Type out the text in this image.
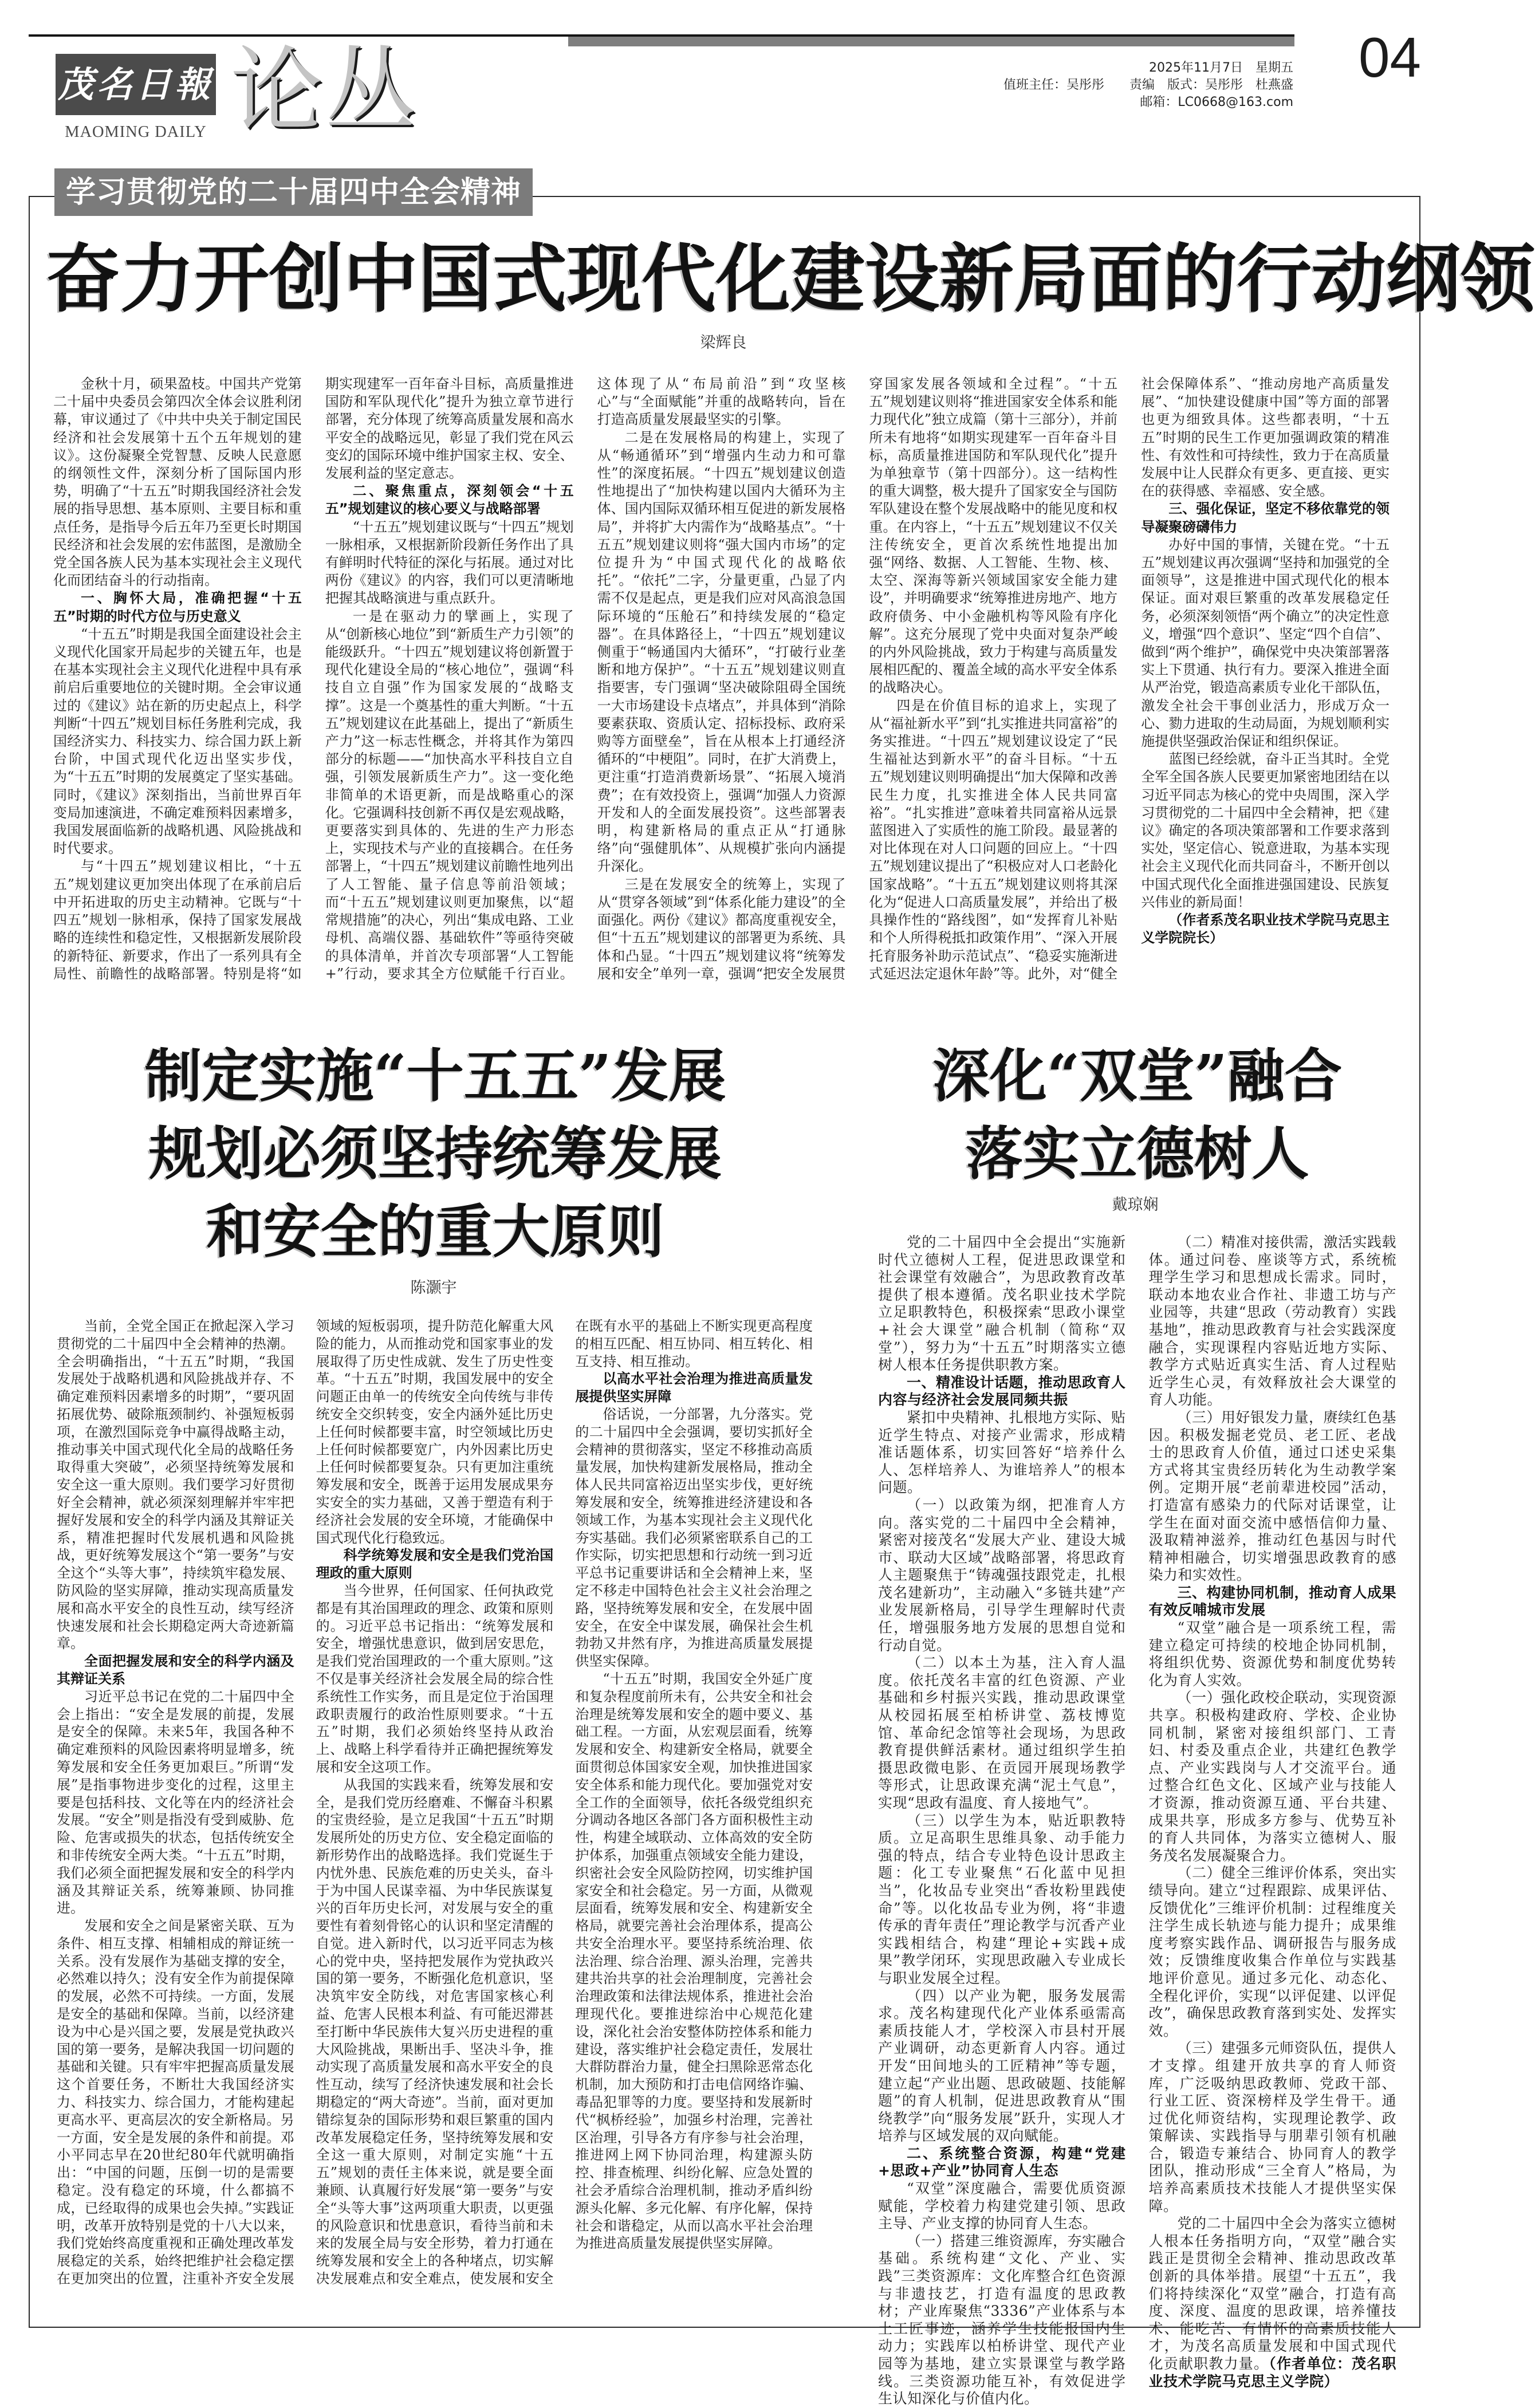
茂名日報
MAOMING DAILY 论丛	2025年11月7日　星期五
值班主任：吴彤彤　　责编　版式：吴彤彤　杜燕盛
邮箱：LC0668@163.com
04
学习贯彻党的二十届四中全会精神
奋力开创中国式现代化建设新局面的行动纲领
梁辉良

金秋十月，硕果盈枝。中国共产党第二十届中央委员会第四次全体会议胜利闭幕，审议通过了《中共中央关于制定国民经济和社会发展第十五个五年规划的建议》。这份凝聚全党智慧、反映人民意愿的纲领性文件，深刻分析了国际国内形势，明确了“十五五”时期我国经济社会发展的指导思想、基本原则、主要目标和重点任务，是指导今后五年乃至更长时期国民经济和社会发展的宏伟蓝图，是激励全党全国各族人民为基本实现社会主义现代化而团结奋斗的行动指南。

一、胸怀大局，准确把握“十五五”时期的时代方位与历史意义

“十五五”时期是我国全面建设社会主义现代化国家开局起步的关键五年，也是在基本实现社会主义现代化进程中具有承前启后重要地位的关键时期。全会审议通过的《建议》站在新的历史起点上，科学判断“十四五”规划目标任务胜利完成，我国经济实力、科技实力、综合国力跃上新台阶，中国式现代化迈出坚实步伐，为“十五五”时期的发展奠定了坚实基础。同时，《建议》深刻指出，当前世界百年变局加速演进，不确定难预料因素增多，我国发展面临新的战略机遇、风险挑战和时代要求。

与“十四五”规划建议相比，“十五五”规划建议更加突出体现了在承前启后中开拓进取的历史主动精神。它既与“十四五”规划一脉相承，保持了国家发展战略的连续性和稳定性，又根据新发展阶段的新特征、新要求，作出了一系列具有全局性、前瞻性的战略部署。特别是将“如期实现建军一百年奋斗目标，高质量推进国防和军队现代化”提升为独立章节进行部署，充分体现了统筹高质量发展和高水平安全的战略远见，彰显了我们党在风云变幻的国际环境中维护国家主权、安全、发展利益的坚定意志。

二、聚焦重点，深刻领会“十五五”规划建议的核心要义与战略部署

“十五五”规划建议既与“十四五”规划一脉相承，又根据新阶段新任务作出了具有鲜明时代特征的深化与拓展。通过对比两份《建议》的内容，我们可以更清晰地把握其战略演进与重点跃升。

一是在驱动力的擘画上，实现了从“创新核心地位”到“新质生产力引领”的能级跃升。“十四五”规划建议将创新置于现代化建设全局的“核心地位”，强调“科技自立自强”作为国家发展的“战略支撑”。这是一个奠基性的重大判断。“十五五”规划建议在此基础上，提出了“新质生产力”这一标志性概念，并将其作为第四部分的标题——“加快高水平科技自立自强，引领发展新质生产力”。这一变化绝非简单的术语更新，而是战略重心的深化。它强调科技创新不再仅是宏观战略，更要落实到具体的、先进的生产力形态上，实现技术与产业的直接耦合。在任务部署上，“十四五”规划建议前瞻性地列出了人工智能、量子信息等前沿领域；而“十五五”规划建议则更加聚焦，以“超常规措施”的决心，列出“集成电路、工业母机、高端仪器、基础软件”等亟待突破的具体清单，并首次专项部署“人工智能+”行动，要求其全方位赋能千行百业。这体现了从“布局前沿”到“攻坚核心”与“全面赋能”并重的战略转向，旨在打造高质量发展最坚实的引擎。

二是在发展格局的构建上，实现了从“畅通循环”到“增强内生动力和可靠性”的深度拓展。“十四五”规划建议创造性地提出了“加快构建以国内大循环为主体、国内国际双循环相互促进的新发展格局”，并将扩大内需作为“战略基点”。“十五五”规划建议则将“强大国内市场”的定位提升为“中国式现代化的战略依托”。“依托”二字，分量更重，凸显了内需不仅是起点，更是我们应对风高浪急国际环境的“压舱石”和持续发展的“稳定器”。在具体路径上，“十四五”规划建议侧重于“畅通国内大循环”，“打破行业垄断和地方保护”。“十五五”规划建议则直指要害，专门强调“坚决破除阻碍全国统一大市场建设卡点堵点”，并具体到“消除要素获取、资质认定、招标投标、政府采购等方面壁垒”，旨在从根本上打通经济循环的“中梗阻”。同时，在扩大消费上，更注重“打造消费新场景”、“拓展入境消费”；在有效投资上，强调“加强人力资源开发和人的全面发展投资”。这些部署表明，构建新格局的重点正从“打通脉络”向“强健肌体”、从规模扩张向内涵提升深化。

三是在发展安全的统筹上，实现了从“贯穿各领域”到“体系化能力建设”的全面强化。两份《建议》都高度重视安全，但“十五五”规划建议的部署更为系统、具体和凸显。“十四五”规划建议将“统筹发展和安全”单列一章，强调“把安全发展贯穿国家发展各领域和全过程”。“十五五”规划建议则将“推进国家安全体系和能力现代化”独立成篇（第十三部分），并前所未有地将“如期实现建军一百年奋斗目标，高质量推进国防和军队现代化”提升为单独章节（第十四部分）。这一结构性的重大调整，极大提升了国家安全与国防军队建设在整个发展战略中的能见度和权重。在内容上，“十五五”规划建议不仅关注传统安全，更首次系统性地提出加强“网络、数据、人工智能、生物、核、太空、深海等新兴领域国家安全能力建设”，并明确要求“统筹推进房地产、地方政府债务、中小金融机构等风险有序化解”。这充分展现了党中央面对复杂严峻的内外风险挑战，致力于构建与高质量发展相匹配的、覆盖全域的高水平安全体系的战略决心。

四是在价值目标的追求上，实现了从“福祉新水平”到“扎实推进共同富裕”的务实推进。“十四五”规划建议设定了“民生福祉达到新水平”的奋斗目标。“十五五”规划建议则明确提出“加大保障和改善民生力度，扎实推进全体人民共同富裕”。“扎实推进”意味着共同富裕从远景蓝图进入了实质性的施工阶段。最显著的对比体现在对人口问题的回应上。“十四五”规划建议提出了“积极应对人口老龄化国家战略”。“十五五”规划建议则将其深化为“促进人口高质量发展”，并给出了极具操作性的“路线图”，如“发挥育儿补贴和个人所得税抵扣政策作用”、“深入开展托育服务补助示范试点”、“稳妥实施渐进式延迟法定退休年龄”等。此外，对“健全社会保障体系”、“推动房地产高质量发展”、“加快建设健康中国”等方面的部署也更为细致具体。这些都表明，“十五五”时期的民生工作更加强调政策的精准性、有效性和可持续性，致力于在高质量发展中让人民群众有更多、更直接、更实在的获得感、幸福感、安全感。

三、强化保证，坚定不移依靠党的领导凝聚磅礴伟力

办好中国的事情，关键在党。“十五五”规划建议再次强调“坚持和加强党的全面领导”，这是推进中国式现代化的根本保证。面对艰巨繁重的改革发展稳定任务，必须深刻领悟“两个确立”的决定性意义，增强“四个意识”、坚定“四个自信”、做到“两个维护”，确保党中央决策部署落实上下贯通、执行有力。要深入推进全面从严治党，锻造高素质专业化干部队伍，激发全社会干事创业活力，形成万众一心、勠力进取的生动局面，为规划顺利实施提供坚强政治保证和组织保证。

蓝图已经绘就，奋斗正当其时。全党全军全国各族人民要更加紧密地团结在以习近平同志为核心的党中央周围，深入学习贯彻党的二十届四中全会精神，把《建议》确定的各项决策部署和工作要求落到实处，坚定信心、锐意进取，为基本实现社会主义现代化而共同奋斗，不断开创以中国式现代化全面推进强国建设、民族复兴伟业的新局面！

（作者系茂名职业技术学院马克思主义学院院长）

制定实施“十五五”发展
规划必须坚持统筹发展
和安全的重大原则
陈灏宇

当前，全党全国正在掀起深入学习贯彻党的二十届四中全会精神的热潮。全会明确指出，“十五五”时期，“我国发展处于战略机遇和风险挑战并存、不确定难预料因素增多的时期”，“要巩固拓展优势、破除瓶颈制约、补强短板弱项，在激烈国际竞争中赢得战略主动，推动事关中国式现代化全局的战略任务取得重大突破”，必须坚持统筹发展和安全这一重大原则。我们要学习好贯彻好全会精神，就必须深刻理解并牢牢把握好发展和安全的科学内涵及其辩证关系，精准把握时代发展机遇和风险挑战，更好统筹发展这个“第一要务”与安全这个“头等大事”，持续筑牢稳发展、防风险的坚实屏障，推动实现高质量发展和高水平安全的良性互动，续写经济快速发展和社会长期稳定两大奇迹新篇章。

全面把握发展和安全的科学内涵及其辩证关系

习近平总书记在党的二十届四中全会上指出：“安全是发展的前提，发展是安全的保障。未来5年，我国各种不确定难预料的风险因素将明显增多，统筹发展和安全任务更加艰巨。”所谓“发展”是指事物进步变化的过程，这里主要是包括科技、文化等在内的经济社会发展。“安全”则是指没有受到威胁、危险、危害或损失的状态，包括传统安全和非传统安全两大类。“十五五”时期，我们必须全面把握发展和安全的科学内涵及其辩证关系，统筹兼顾、协同推进。

发展和安全之间是紧密关联、互为条件、相互支撑、相辅相成的辩证统一关系。没有发展作为基础支撑的安全，必然难以持久；没有安全作为前提保障的发展，必然不可持续。一方面，发展是安全的基础和保障。当前，以经济建设为中心是兴国之要，发展是党执政兴国的第一要务，是解决我国一切问题的基础和关键。只有牢牢把握高质量发展这个首要任务，不断壮大我国经济实力、科技实力、综合国力，才能构建起更高水平、更高层次的安全新格局。另一方面，安全是发展的条件和前提。邓小平同志早在20世纪80年代就明确指出：“中国的问题，压倒一切的是需要稳定。没有稳定的环境，什么都搞不成，已经取得的成果也会失掉。”实践证明，改革开放特别是党的十八大以来，我们党始终高度重视和正确处理改革发展稳定的关系，始终把维护社会稳定摆在更加突出的位置，注重补齐安全发展领域的短板弱项，提升防范化解重大风险的能力，从而推动党和国家事业的发展取得了历史性成就、发生了历史性变革。“十五五”时期，我国发展中的安全问题正由单一的传统安全向传统与非传统安全交织转变，安全内涵外延比历史上任何时候都要丰富，时空领域比历史上任何时候都要宽广，内外因素比历史上任何时候都要复杂。只有更加注重统筹发展和安全，既善于运用发展成果夯实安全的实力基础，又善于塑造有利于经济社会发展的安全环境，才能确保中国式现代化行稳致远。

科学统筹发展和安全是我们党治国理政的重大原则

当今世界，任何国家、任何执政党都是有其治国理政的理念、政策和原则的。习近平总书记指出：“统筹发展和安全，增强忧患意识，做到居安思危，是我们党治国理政的一个重大原则。”这不仅是事关经济社会发展全局的综合性系统性工作实务，而且是定位于治国理政职责履行的政治性原则要求。“十五五”时期，我们必须始终坚持从政治上、战略上科学看待并正确把握统筹发展和安全这项工作。

从我国的实践来看，统筹发展和安全，是我们党历经磨难、不懈奋斗积累的宝贵经验，是立足我国“十五五”时期发展所处的历史方位、安全稳定面临的新形势作出的战略选择。我们党诞生于内忧外患、民族危难的历史关头，奋斗于为中国人民谋幸福、为中华民族谋复兴的百年历史长河，对发展与安全的重要性有着刻骨铭心的认识和坚定清醒的自觉。进入新时代，以习近平同志为核心的党中央，坚持把发展作为党执政兴国的第一要务，不断强化危机意识，坚决筑牢安全防线，对危害国家核心利益、危害人民根本利益、有可能迟滞甚至打断中华民族伟大复兴历史进程的重大风险挑战，果断出手、坚决斗争，推动实现了高质量发展和高水平安全的良性互动，续写了经济快速发展和社会长期稳定的“两大奇迹”。当前，面对更加错综复杂的国际形势和艰巨繁重的国内改革发展稳定任务，坚持统筹发展和安全这一重大原则，对制定实施“十五五”规划的责任主体来说，就是要全面兼顾、认真履行好发展“第一要务”与安全“头等大事”这两项重大职责，以更强的风险意识和忧患意识，看待当前和未来的发展全局与安全形势，着力打通在统筹发展和安全上的各种堵点，切实解决发展难点和安全难点，使发展和安全在既有水平的基础上不断实现更高程度的相互匹配、相互协同、相互转化、相互支持、相互推动。

以高水平社会治理为推进高质量发展提供坚实屏障

俗话说，一分部署，九分落实。党的二十届四中全会强调，要切实抓好全会精神的贯彻落实，坚定不移推动高质量发展，加快构建新发展格局，推动全体人民共同富裕迈出坚实步伐，更好统筹发展和安全，统筹推进经济建设和各领域工作，为基本实现社会主义现代化夯实基础。我们必须紧密联系自己的工作实际，切实把思想和行动统一到习近平总书记重要讲话和全会精神上来，坚定不移走中国特色社会主义社会治理之路，坚持统筹发展和安全，在发展中固安全，在安全中谋发展，确保社会生机勃勃又井然有序，为推进高质量发展提供坚实保障。

“十五五”时期，我国安全外延广度和复杂程度前所未有，公共安全和社会治理是统筹发展和安全的题中要义、基础工程。一方面，从宏观层面看，统筹发展和安全、构建新安全格局，就要全面贯彻总体国家安全观，加快推进国家安全体系和能力现代化。要加强党对安全工作的全面领导，依托各级党组织充分调动各地区各部门各方面积极性主动性，构建全域联动、立体高效的安全防护体系，加强重点领域安全能力建设，织密社会安全风险防控网，切实维护国家安全和社会稳定。另一方面，从微观层面看，统筹发展和安全、构建新安全格局，就要完善社会治理体系，提高公共安全治理水平。要坚持系统治理、依法治理、综合治理、源头治理，完善共建共治共享的社会治理制度，完善社会治理政策和法律法规体系，推进社会治理现代化。要推进综治中心规范化建设，深化社会治安整体防控体系和能力建设，落实维护社会稳定责任，发展壮大群防群治力量，健全扫黑除恶常态化机制，加大预防和打击电信网络诈骗、毒品犯罪等的力度。要坚持和发展新时代“枫桥经验”，加强乡村治理，完善社区治理，引导各方有序参与社会治理，推进网上网下协同治理，构建源头防控、排查梳理、纠纷化解、应急处置的社会矛盾综合治理机制，推动矛盾纠纷源头化解、多元化解、有序化解，保持社会和谐稳定，从而以高水平社会治理为推进高质量发展提供坚实屏障。

深化“双堂”融合
落实立德树人
戴琼娴

党的二十届四中全会提出“实施新时代立德树人工程，促进思政课堂和社会课堂有效融合”，为思政教育改革提供了根本遵循。茂名职业技术学院立足职教特色，积极探索“思政小课堂+社会大课堂”融合机制（简称“双堂”），努力为“十五五”时期落实立德树人根本任务提供职教方案。

一、精准设计话题，推动思政育人内容与经济社会发展同频共振

紧扣中央精神、扎根地方实际、贴近学生特点、对接产业需求，形成精准话题体系，切实回答好“培养什么人、怎样培养人、为谁培养人”的根本问题。

（一）以政策为纲，把准育人方向。落实党的二十届四中全会精神，紧密对接茂名“发展大产业、建设大城市、联动大区域”战略部署，将思政育人主题聚焦于“铸魂强技跟党走，扎根茂名建新功”，主动融入“多链共建”产业发展新格局，引导学生理解时代责任，增强服务地方发展的思想自觉和行动自觉。

（二）以本土为基，注入育人温度。依托茂名丰富的红色资源、产业基础和乡村振兴实践，推动思政课堂从校园拓展至柏桥讲堂、荔枝博览馆、革命纪念馆等社会现场，为思政教育提供鲜活素材。通过组织学生拍摄思政微电影、在贡园开展现场教学等形式，让思政课充满“泥土气息”，实现“思政有温度、育人接地气”。

（三）以学生为本，贴近职教特质。立足高职生思维具象、动手能力强的特点，结合专业特色设计思政主题：化工专业聚焦“石化蓝中见担当”，化妆品专业突出“香妆粉里践使命”等。以化妆品专业为例，将“非遗传承的青年责任”理论教学与沉香产业实践相结合，构建“理论+实践+成果”教学闭环，实现思政融入专业成长与职业发展全过程。

（四）以产业为靶，服务发展需求。茂名构建现代化产业体系亟需高素质技能人才，学校深入市县村开展产业调研，动态更新育人内容。通过开发“田间地头的工匠精神”等专题，建立起“产业出题、思政破题、技能解题”的育人机制，促进思政教育从“围绕教学”向“服务发展”跃升，实现人才培养与区域发展的双向赋能。

二、系统整合资源，构建“党建+思政+产业”协同育人生态

“双堂”深度融合，需要优质资源赋能，学校着力构建党建引领、思政主导、产业支撑的协同育人生态。

（一）搭建三维资源库，夯实融合基础。系统构建“文化、产业、实践”三类资源库：文化库整合红色资源与非遗技艺，打造有温度的思政教材；产业库聚焦“3336”产业体系与本土工匠事迹，涵养学生技能报国内生动力；实践库以柏桥讲堂、现代产业园等为基地，建立实景课堂与教学路线。三类资源功能互补，有效促进学生认知深化与价值内化。

（二）精准对接供需，激活实践载体。通过问卷、座谈等方式，系统梳理学生学习和思想成长需求。同时，联动本地农业合作社、非遗工坊与产业园等，共建“思政（劳动教育）实践基地”，推动思政教育与社会实践深度融合，实现课程内容贴近地方实际、教学方式贴近真实生活、育人过程贴近学生心灵，有效释放社会大课堂的育人功能。

（三）用好银发力量，赓续红色基因。积极发掘老党员、老工匠、老战士的思政育人价值，通过口述史采集方式将其宝贵经历转化为生动教学案例。定期开展“老前辈进校园”活动，打造富有感染力的代际对话课堂，让学生在面对面交流中感悟信仰力量、汲取精神滋养，推动红色基因与时代精神相融合，切实增强思政教育的感染力和实效性。

三、构建协同机制，推动育人成果有效反哺城市发展

“双堂”融合是一项系统工程，需建立稳定可持续的校地企协同机制，将组织优势、资源优势和制度优势转化为育人实效。

（一）强化政校企联动，实现资源共享。积极构建政府、学校、企业协同机制，紧密对接组织部门、工青妇、村委及重点企业，共建红色教学点、产业实践岗与人才交流平台。通过整合红色文化、区域产业与技能人才资源，推动资源互通、平台共建、成果共享，形成多方参与、优势互补的育人共同体，为落实立德树人、服务茂名发展凝聚合力。

（二）健全三维评价体系，突出实绩导向。建立“过程跟踪、成果评估、反馈优化”三维评价机制：过程维度关注学生成长轨迹与能力提升；成果维度考察实践作品、调研报告与服务成效；反馈维度收集合作单位与实践基地评价意见。通过多元化、动态化、全程化评价，实现“以评促建、以评促改”，确保思政教育落到实处、发挥实效。

（三）建强多元师资队伍，提供人才支撑。组建开放共享的育人师资库，广泛吸纳思政教师、党政干部、行业工匠、资深榜样及学生骨干。通过优化师资结构，实现理论教学、政策解读、实践指导与朋辈引领有机融合，锻造专兼结合、协同育人的教学团队，推动形成“三全育人”格局，为培养高素质技术技能人才提供坚实保障。

党的二十届四中全会为落实立德树人根本任务指明方向，“双堂”融合实践正是贯彻全会精神、推动思政改革创新的具体举措。展望“十五五”，我们将持续深化“双堂”融合，打造有高度、深度、温度的思政课，培养懂技术、能吃苦、有情怀的高素质技能人才，为茂名高质量发展和中国式现代化贡献职教力量。（作者单位：茂名职业技术学院马克思主义学院）
